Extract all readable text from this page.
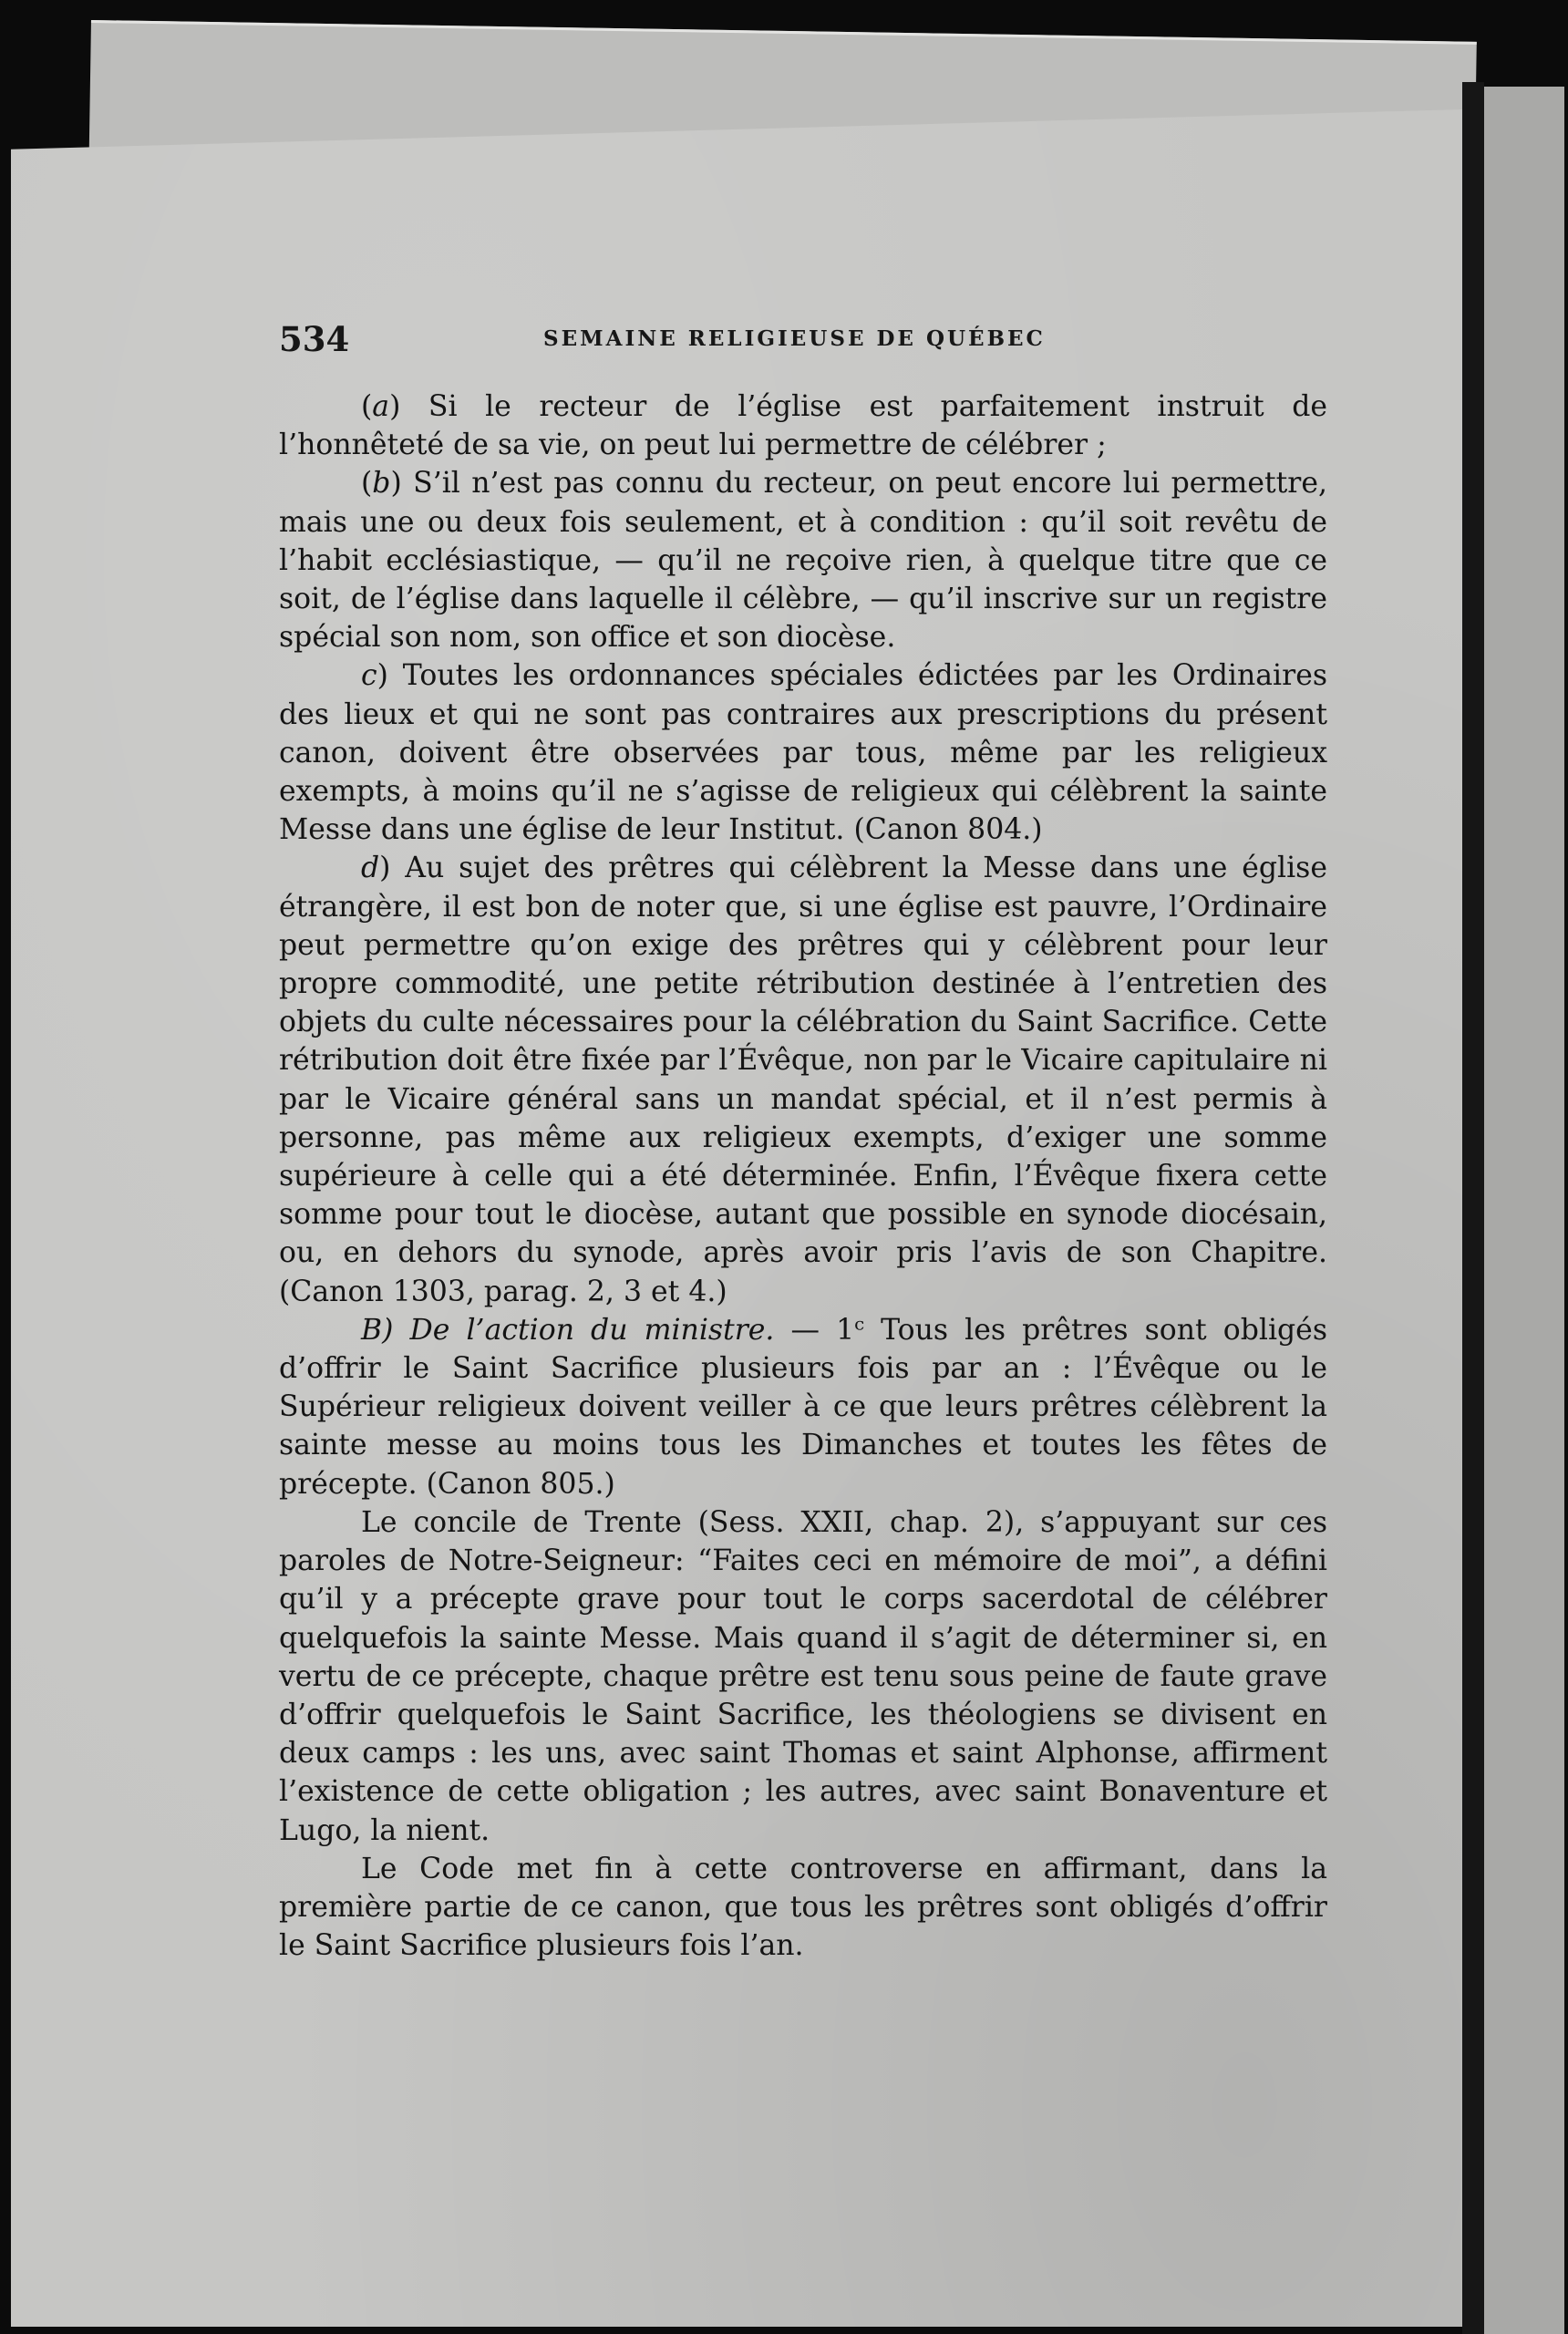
534	SEMAINE RELIGIEUSE DE QUÉBEC

(a) Si le recteur de l’église est parfaitement instruit de l’honnêteté de sa vie, on peut lui permettre de célébrer ;

(b) S’il n’est pas connu du recteur, on peut encore lui permettre, mais une ou deux fois seulement, et à condition : qu’il soit revêtu de l’habit ecclésiastique, — qu’il ne reçoive rien, à quelque titre que ce soit, de l’église dans laquelle il célèbre, — qu’il inscrive sur un registre spécial son nom, son office et son diocèse.

c) Toutes les ordonnances spéciales édictées par les Ordinaires des lieux et qui ne sont pas contraires aux prescriptions du présent canon, doivent être observées par tous, même par les religieux exempts, à moins qu’il ne s’agisse de religieux qui célèbrent la sainte Messe dans une église de leur Institut. (Canon 804.)

d) Au sujet des prêtres qui célèbrent la Messe dans une église étrangère, il est bon de noter que, si une église est pauvre, l’Ordinaire peut permettre qu’on exige des prêtres qui y célèbrent pour leur propre commodité, une petite rétribution destinée à l’entretien des objets du culte nécessaires pour la célébration du Saint Sacrifice. Cette rétribution doit être fixée par l’Évêque, non par le Vicaire capitulaire ni par le Vicaire général sans un mandat spécial, et il n’est permis à personne, pas même aux religieux exempts, d’exiger une somme supérieure à celle qui a été déterminée. Enfin, l’Évêque fixera cette somme pour tout le diocèse, autant que possible en synode diocésain, ou, en dehors du synode, après avoir pris l’avis de son Chapitre. (Canon 1303, parag. 2, 3 et 4.)

B) De l’action du ministre. — 1ᶜ Tous les prêtres sont obligés d’offrir le Saint Sacrifice plusieurs fois par an : l’Évêque ou le Supérieur religieux doivent veiller à ce que leurs prêtres célèbrent la sainte messe au moins tous les Dimanches et toutes les fêtes de précepte. (Canon 805.)

Le concile de Trente (Sess. XXII, chap. 2), s’appuyant sur ces paroles de Notre-Seigneur: “Faites ceci en mémoire de moi”, a défini qu’il y a précepte grave pour tout le corps sacerdotal de célébrer quelquefois la sainte Messe. Mais quand il s’agit de déterminer si, en vertu de ce précepte, chaque prêtre est tenu sous peine de faute grave d’offrir quelquefois le Saint Sacrifice, les théologiens se divisent en deux camps : les uns, avec saint Thomas et saint Alphonse, affirment l’existence de cette obligation ; les autres, avec saint Bonaventure et Lugo, la nient.

Le Code met fin à cette controverse en affirmant, dans la première partie de ce canon, que tous les prêtres sont obligés d’offrir le Saint Sacrifice plusieurs fois l’an.
